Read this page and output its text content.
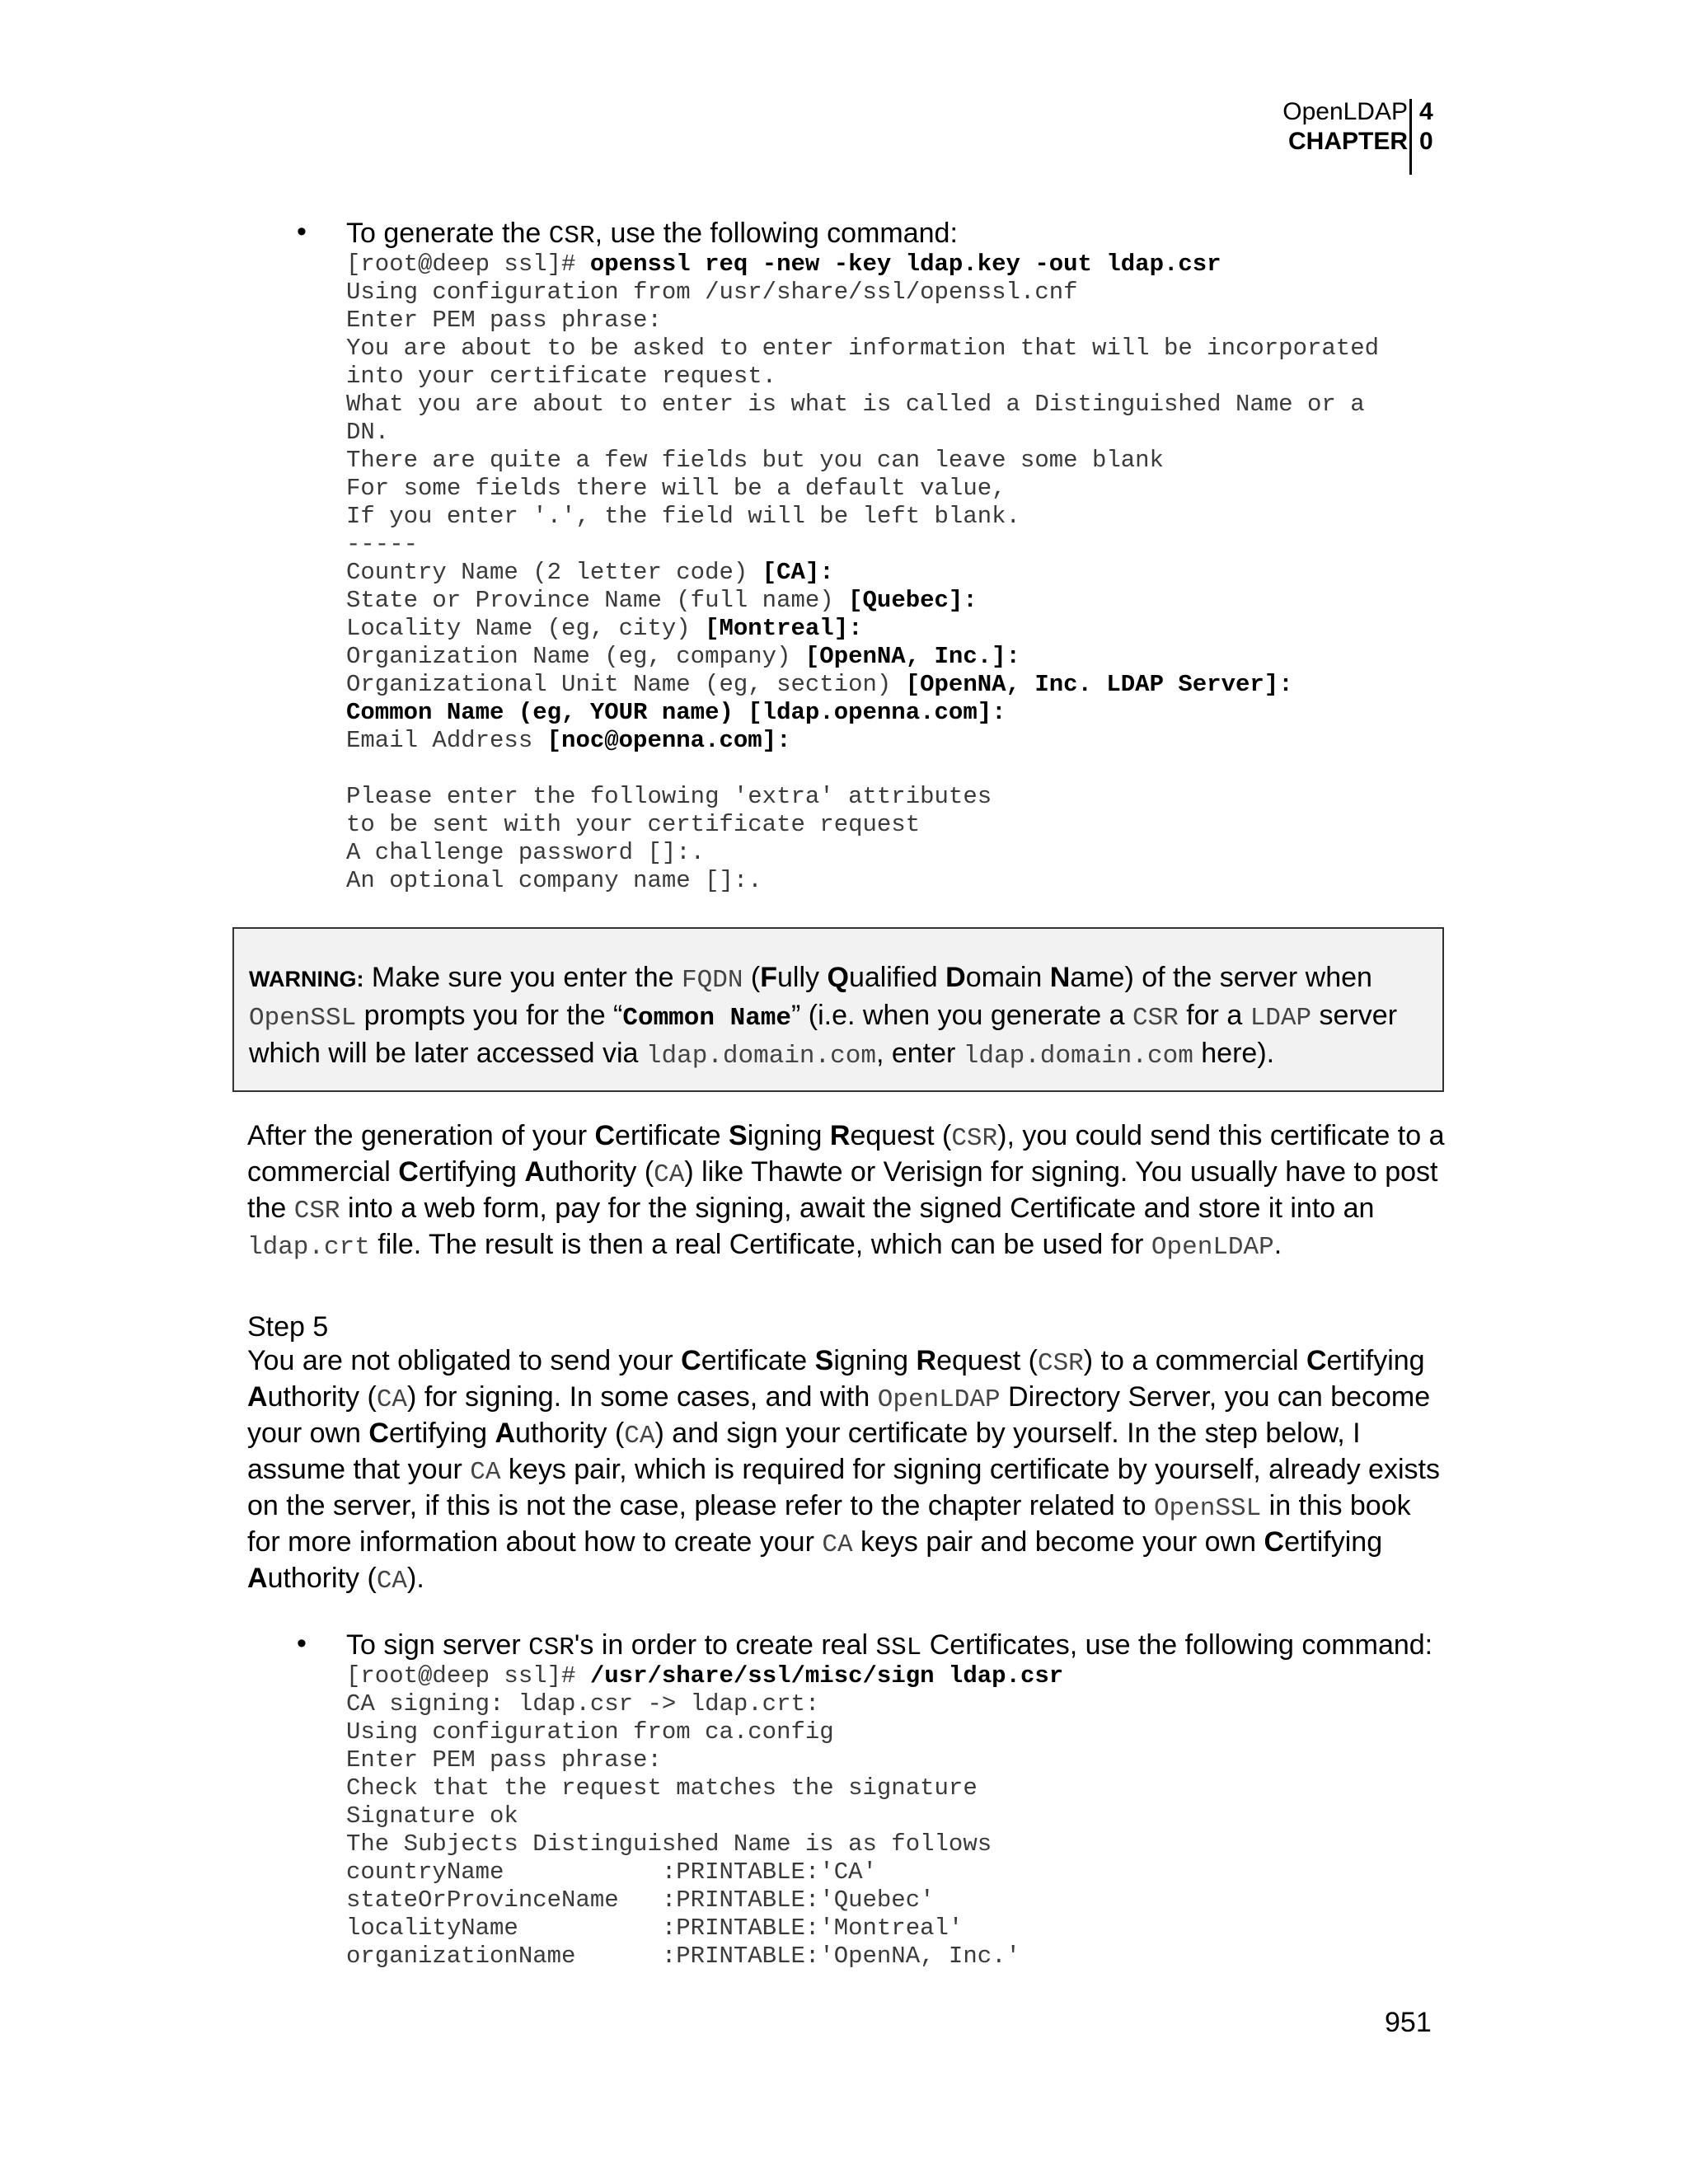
OpenLDAP
CHAPTER
4
0
• To generate the CSR, use the following command:
[root@deep ssl]# openssl req -new -key ldap.key -out ldap.csr
Using configuration from /usr/share/ssl/openssl.cnf
Enter PEM pass phrase:
You are about to be asked to enter information that will be incorporated
into your certificate request.
What you are about to enter is what is called a Distinguished Name or a
DN.
There are quite a few fields but you can leave some blank
For some fields there will be a default value,
If you enter '.', the field will be left blank.
-----
Country Name (2 letter code) [CA]:
State or Province Name (full name) [Quebec]:
Locality Name (eg, city) [Montreal]:
Organization Name (eg, company) [OpenNA, Inc.]:
Organizational Unit Name (eg, section) [OpenNA, Inc. LDAP Server]:
Common Name (eg, YOUR name) [ldap.openna.com]:
Email Address [noc@openna.com]:

Please enter the following 'extra' attributes
to be sent with your certificate request
A challenge password []:.
An optional company name []:.
WARNING: Make sure you enter the FQDN (Fully Qualified Domain Name) of the server when
OpenSSL prompts you for the “Common Name” (i.e. when you generate a CSR for a LDAP server
which will be later accessed via ldap.domain.com, enter ldap.domain.com here).
After the generation of your Certificate Signing Request (CSR), you could send this certificate to a
commercial Certifying Authority (CA) like Thawte or Verisign for signing. You usually have to post
the CSR into a web form, pay for the signing, await the signed Certificate and store it into an
ldap.crt file. The result is then a real Certificate, which can be used for OpenLDAP.
Step 5
You are not obligated to send your Certificate Signing Request (CSR) to a commercial Certifying
Authority (CA) for signing. In some cases, and with OpenLDAP Directory Server, you can become
your own Certifying Authority (CA) and sign your certificate by yourself. In the step below, I
assume that your CA keys pair, which is required for signing certificate by yourself, already exists
on the server, if this is not the case, please refer to the chapter related to OpenSSL in this book
for more information about how to create your CA keys pair and become your own Certifying
Authority (CA).
• To sign server CSR's in order to create real SSL Certificates, use the following command:
[root@deep ssl]# /usr/share/ssl/misc/sign ldap.csr
CA signing: ldap.csr -> ldap.crt:
Using configuration from ca.config
Enter PEM pass phrase:
Check that the request matches the signature
Signature ok
The Subjects Distinguished Name is as follows
countryName           :PRINTABLE:'CA'
stateOrProvinceName   :PRINTABLE:'Quebec'
localityName          :PRINTABLE:'Montreal'
organizationName      :PRINTABLE:'OpenNA, Inc.'
951
